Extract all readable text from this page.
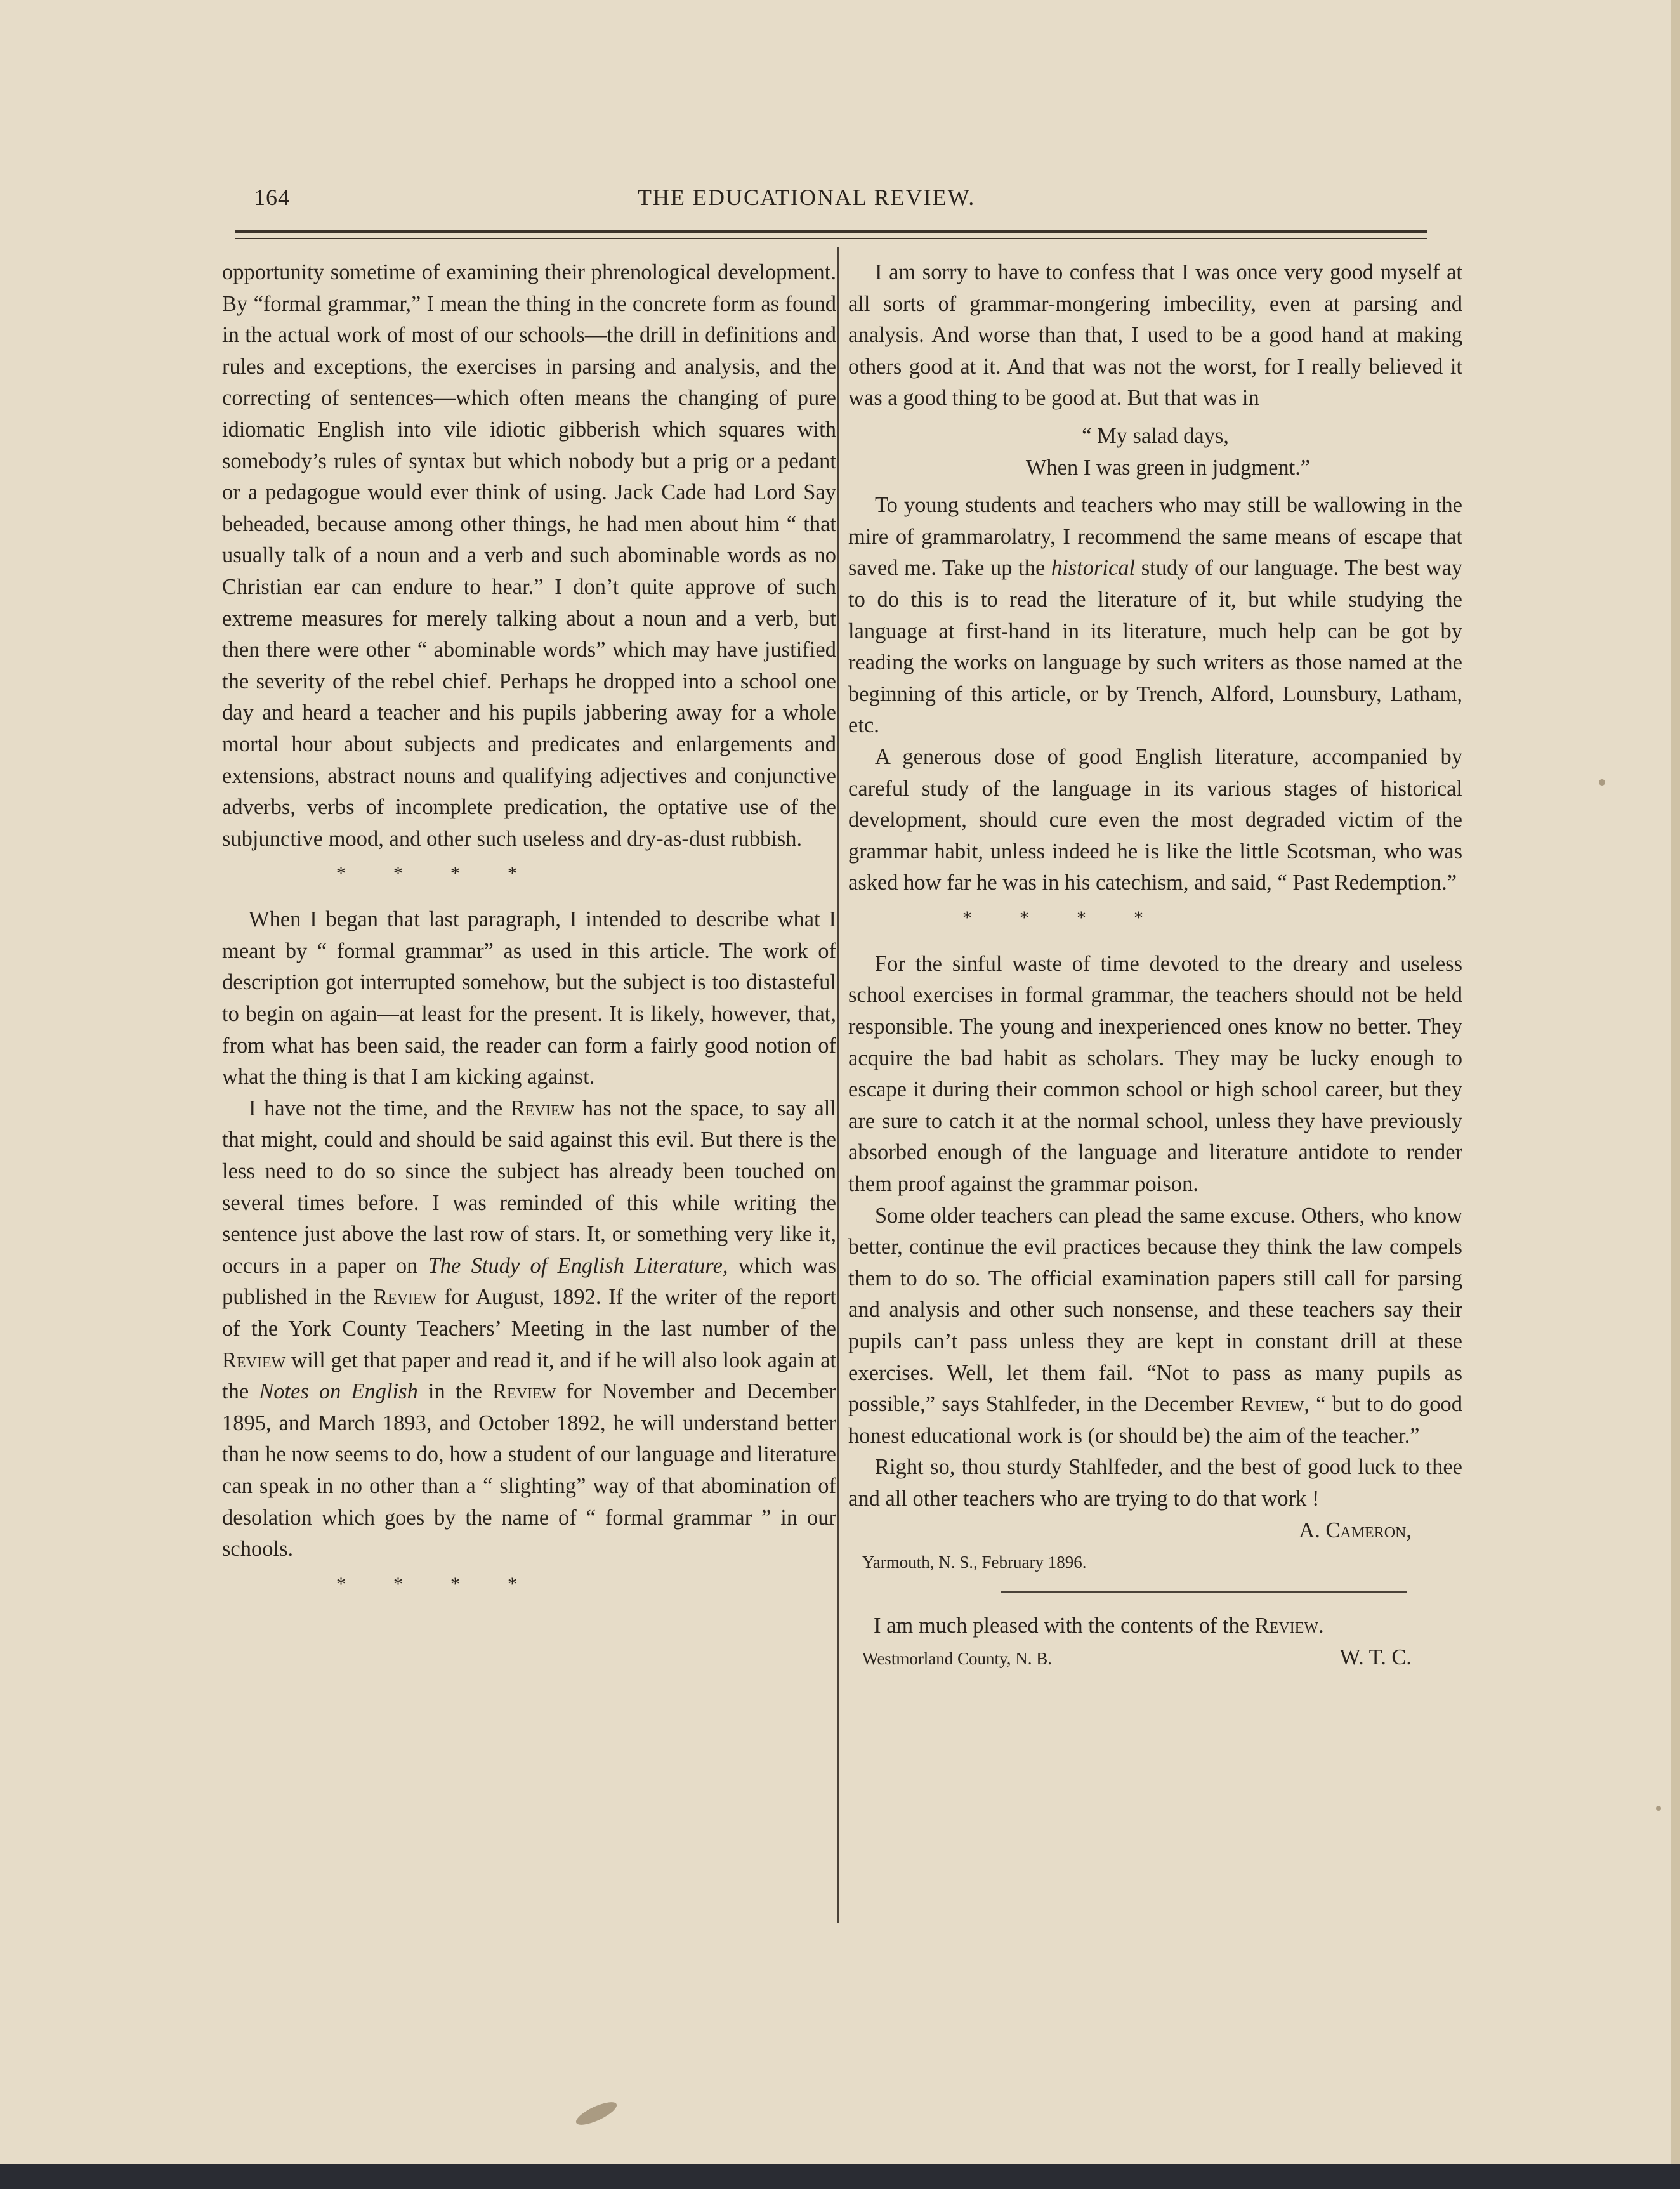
164	THE EDUCATIONAL REVIEW.

opportunity sometime of examining their phrenological development. By “formal grammar,” I mean the thing in the concrete form as found in the actual work of most of our schools—the drill in definitions and rules and exceptions, the exercises in parsing and analysis, and the correcting of sentences—which often means the changing of pure idiomatic English into vile idiotic gibberish which squares with somebody’s rules of syntax but which nobody but a prig or a pedant or a pedagogue would ever think of using. Jack Cade had Lord Say beheaded, because among other things, he had men about him “ that usually talk of a noun and a verb and such abominable words as no Christian ear can endure to hear.” I don’t quite approve of such extreme measures for merely talking about a noun and a verb, but then there were other “ abominable words” which may have justified the severity of the rebel chief. Perhaps he dropped into a school one day and heard a teacher and his pupils jabbering away for a whole mortal hour about subjects and predicates and enlargements and extensions, abstract nouns and qualifying adjectives and conjunctive adverbs, verbs of incomplete predication, the optative use of the subjunctive mood, and other such useless and dry-as-dust rubbish.

*          *          *          *

When I began that last paragraph, I intended to describe what I meant by “ formal grammar” as used in this article. The work of description got interrupted somehow, but the subject is too distasteful to begin on again—at least for the present. It is likely, however, that, from what has been said, the reader can form a fairly good notion of what the thing is that I am kicking against.

I have not the time, and the Review has not the space, to say all that might, could and should be said against this evil. But there is the less need to do so since the subject has already been touched on several times before. I was reminded of this while writing the sentence just above the last row of stars. It, or something very like it, occurs in a paper on The Study of English Literature, which was published in the Review for August, 1892. If the writer of the report of the York County Teachers’ Meeting in the last number of the Review will get that paper and read it, and if he will also look again at the Notes on English in the Review for November and December 1895, and March 1893, and October 1892, he will understand better than he now seems to do, how a student of our language and literature can speak in no other than a “ slighting” way of that abomination of desolation which goes by the name of “ formal grammar ” in our schools.

*          *          *          *

I am sorry to have to confess that I was once very good myself at all sorts of grammar-mongering imbecility, even at parsing and analysis. And worse than that, I used to be a good hand at making others good at it. And that was not the worst, for I really believed it was a good thing to be good at. But that was in

“ My salad days,
When I was green in judgment.”

To young students and teachers who may still be wallowing in the mire of grammarolatry, I recommend the same means of escape that saved me. Take up the historical study of our language. The best way to do this is to read the literature of it, but while studying the language at first-hand in its literature, much help can be got by reading the works on language by such writers as those named at the beginning of this article, or by Trench, Alford, Lounsbury, Latham, etc.

A generous dose of good English literature, accompanied by careful study of the language in its various stages of historical development, should cure even the most degraded victim of the grammar habit, unless indeed he is like the little Scotsman, who was asked how far he was in his catechism, and said, “ Past Redemption.”

*          *          *          *

For the sinful waste of time devoted to the dreary and useless school exercises in formal grammar, the teachers should not be held responsible. The young and inexperienced ones know no better. They acquire the bad habit as scholars. They may be lucky enough to escape it during their common school or high school career, but they are sure to catch it at the normal school, unless they have previously absorbed enough of the language and literature antidote to render them proof against the grammar poison.

Some older teachers can plead the same excuse. Others, who know better, continue the evil practices because they think the law compels them to do so. The official examination papers still call for parsing and analysis and other such nonsense, and these teachers say their pupils can’t pass unless they are kept in constant drill at these exercises. Well, let them fail. “Not to pass as many pupils as possible,” says Stahlfeder, in the December Review, “ but to do good honest educational work is (or should be) the aim of the teacher.”

Right so, thou sturdy Stahlfeder, and the best of good luck to thee and all other teachers who are trying to do that work !

A. Cameron,
Yarmouth, N. S., February 1896.
I am much pleased with the contents of the Review.
Westmorland County, N. B.	W. T. C.
